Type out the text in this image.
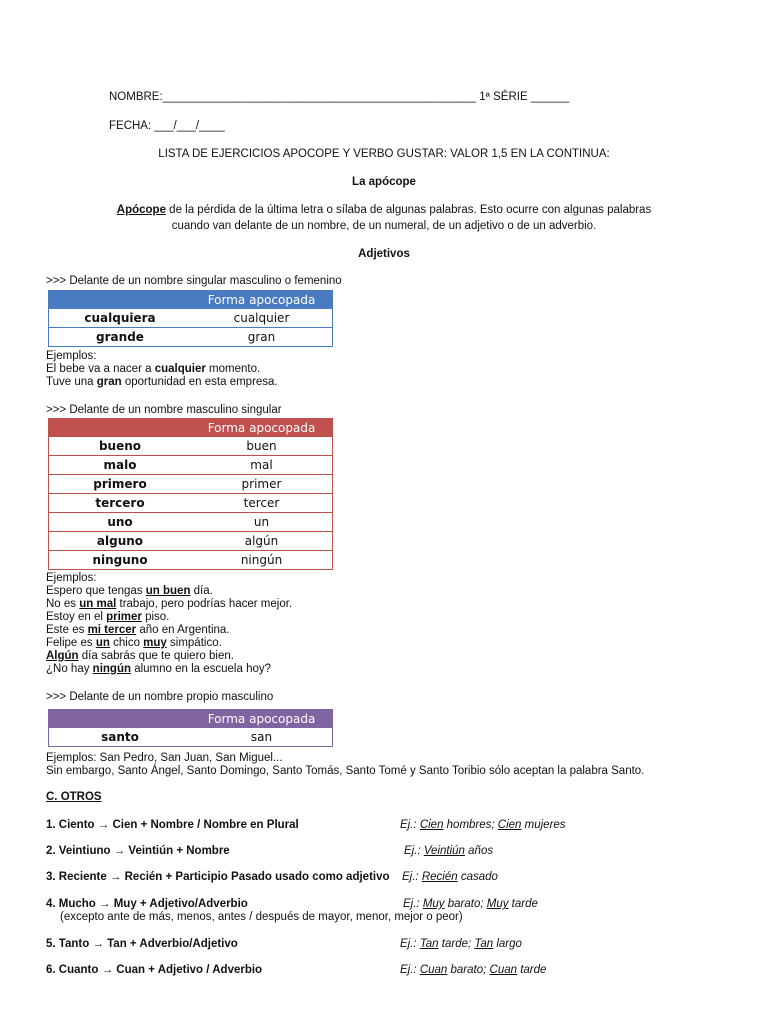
NOMBRE:_________________________________________________ 1ª SÉRIE ______
FECHA: ___/___/____
LISTA DE EJERCICIOS APOCOPE Y VERBO GUSTAR: VALOR 1,5 EN LA CONTINUA:
La apócope
Apócope de la pérdida de la última letra o sílaba de algunas palabras. Esto ocurre con algunas palabras
cuando van delante de un nombre, de un numeral, de un adjetivo o de un adverbio.
Adjetivos
>>> Delante de un nombre singular masculino o femenino
	Forma apocopada
cualquiera	cualquier
grande	gran
Ejemplos:
El bebe va a nacer a cualquier momento.
Tuve una gran oportunidad en esta empresa.
>>> Delante de un nombre masculino singular
	Forma apocopada
bueno	buen
malo	mal
primero	primer
tercero	tercer
uno	un
alguno	algún
ninguno	ningún
Ejemplos:
Espero que tengas un buen día.
No es un mal trabajo, pero podrías hacer mejor.
Estoy en el primer piso.
Este es mi tercer año en Argentina.
Felipe es un chico muy simpático.
Algún día sabrás que te quiero bien.
¿No hay ningún alumno en la escuela hoy?
>>> Delante de un nombre propio masculino
	Forma apocopada
santo	san
Ejemplos: San Pedro, San Juan, San Miguel...
Sin embargo, Santo Ángel, Santo Domingo, Santo Tomás, Santo Tomé y Santo Toribio sólo aceptan la palabra Santo.
C. OTROS
1. Ciento → Cien + Nombre / Nombre en Plural	Ej.: Cien hombres; Cien mujeres
2. Veintiuno → Veintiún + Nombre	Ej.: Veintiún años
3. Reciente → Recién + Participio Pasado usado como adjetivo Ej.: Recién casado
4. Mucho → Muy + Adjetivo/Adverbio	Ej.: Muy barato; Muy tarde
(excepto ante de más, menos, antes / después de mayor, menor, mejor o peor)
5. Tanto → Tan + Adverbio/Adjetivo	Ej.: Tan tarde; Tan largo
6. Cuanto → Cuan + Adjetivo / Adverbio	Ej.: Cuan barato; Cuan tarde
